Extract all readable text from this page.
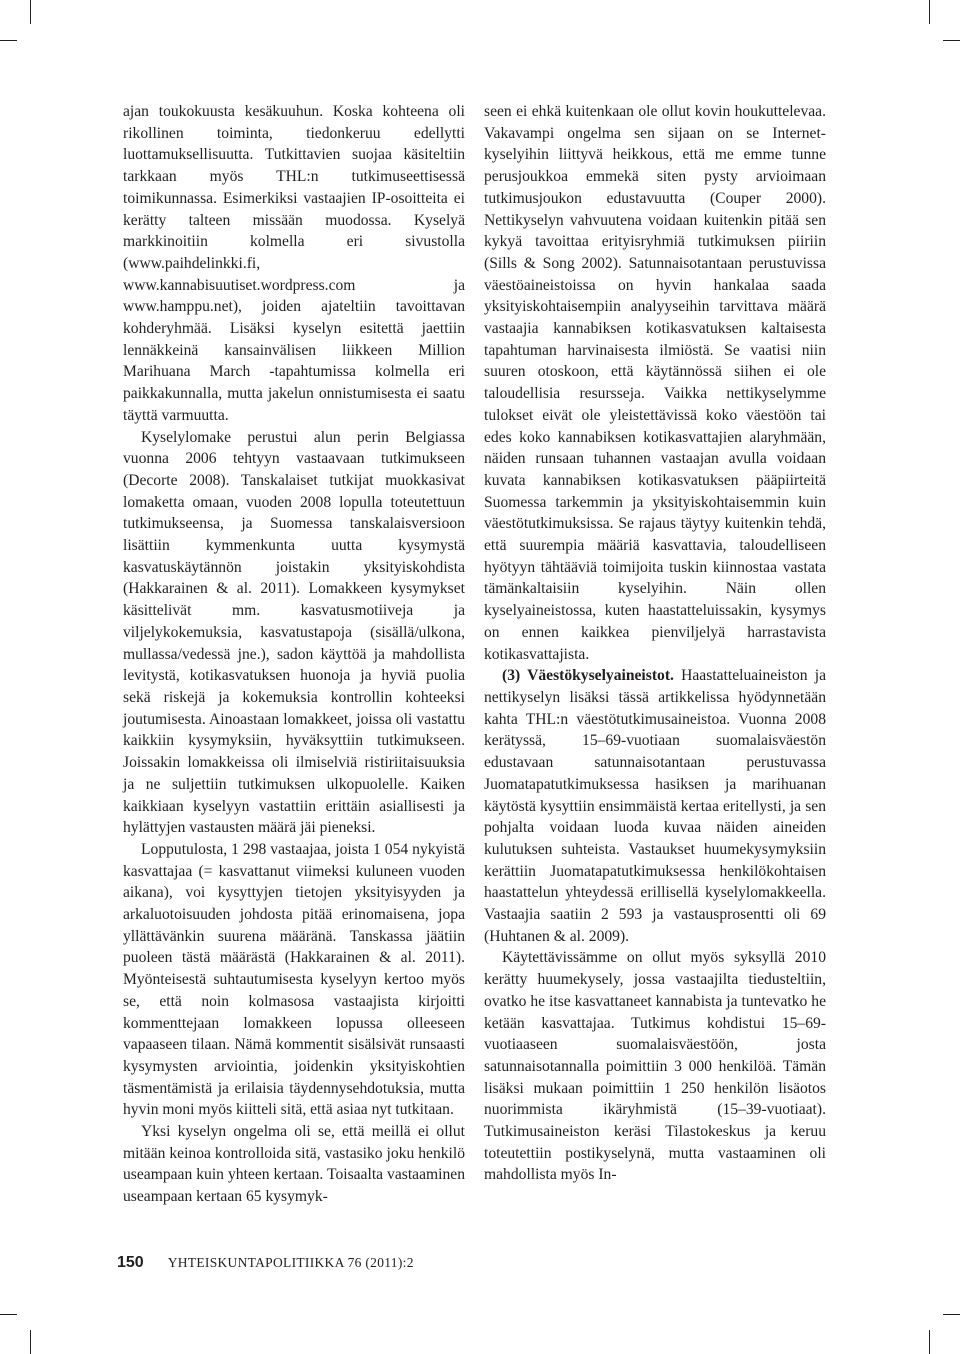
ajan toukokuusta kesäkuuhun. Koska kohteena oli rikollinen toiminta, tiedonkeruu edellytti luottamuksellisuutta. Tutkittavien suojaa käsiteltiin tarkkaan myös THL:n tutkimuseettisessä toimikunnassa. Esimerkiksi vastaajien IP-osoitteita ei kerätty talteen missään muodossa. Kyselyä markkinoitiin kolmella eri sivustolla (www.paihdelinkki.fi, www.kannabisuutiset.wordpress.com ja www.hamppu.net), joiden ajateltiin tavoittavan kohderyhmää. Lisäksi kyselyn esitettä jaettiin lennäkkeinä kansainvälisen liikkeen Million Marihuana March -tapahtumissa kolmella eri paikkakunnalla, mutta jakelun onnistumisesta ei saatu täyttä varmuutta.

Kyselylomake perustui alun perin Belgiassa vuonna 2006 tehtyyn vastaavaan tutkimukseen (Decorte 2008). Tanskalaiset tutkijat muokkasivat lomaketta omaan, vuoden 2008 lopulla toteutettuun tutkimukseensa, ja Suomessa tanskalaisversioon lisättiin kymmenkunta uutta kysymystä kasvatuskäytännön joistakin yksityiskohdista (Hakkarainen & al. 2011). Lomakkeen kysymykset käsittelivät mm. kasvatusmotiiveja ja viljelykokemuksia, kasvatustapoja (sisällä/ulkona, mullassa/vedessä jne.), sadon käyttöä ja mahdollista levitystä, kotikasvatuksen huonoja ja hyviä puolia sekä riskejä ja kokemuksia kontrollin kohteeksi joutumisesta. Ainoastaan lomakkeet, joissa oli vastattu kaikkiin kysymyksiin, hyväksyttiin tutkimukseen. Joissakin lomakkeissa oli ilmiselviä ristiriitaisuuksia ja ne suljettiin tutkimuksen ulkopuolelle. Kaiken kaikkiaan kyselyyn vastattiin erittäin asiallisesti ja hylättyjen vastausten määrä jäi pieneksi.

Lopputulosta, 1 298 vastaajaa, joista 1 054 nykyistä kasvattajaa (= kasvattanut viimeksi kuluneen vuoden aikana), voi kysyttyjen tietojen yksityisyyden ja arkaluotoisuuden johdosta pitää erinomaisena, jopa yllättävänkin suurena määränä. Tanskassa jäätiin puoleen tästä määrästä (Hakkarainen & al. 2011). Myönteisestä suhtautumisesta kyselyyn kertoo myös se, että noin kolmasosa vastaajista kirjoitti kommenttejaan lomakkeen lopussa olleeseen vapaaseen tilaan. Nämä kommentit sisälsivät runsaasti kysymysten arviointia, joidenkin yksityiskohtien täsmentämistä ja erilaisia täydennysehdotuksia, mutta hyvin moni myös kiitteli sitä, että asiaa nyt tutkitaan.

Yksi kyselyn ongelma oli se, että meillä ei ollut mitään keinoa kontrolloida sitä, vastasiko joku henkilö useampaan kuin yhteen kertaan. Toisaalta vastaaminen useampaan kertaan 65 kysymyk-

seen ei ehkä kuitenkaan ole ollut kovin houkuttelevaa. Vakavampi ongelma sen sijaan on se Internet-kyselyihin liittyvä heikkous, että me emme tunne perusjoukkoa emmekä siten pysty arvioimaan tutkimusjoukon edustavuutta (Couper 2000). Nettikyselyn vahvuutena voidaan kuitenkin pitää sen kykyä tavoittaa erityisryhmiä tutkimuksen piiriin (Sills & Song 2002). Satunnaisotantaan perustuvissa väestöaineistoissa on hyvin hankalaa saada yksityiskohtaisempiin analyyseihin tarvittava määrä vastaajia kannabiksen kotikasvatuksen kaltaisesta tapahtuman harvinaisesta ilmiöstä. Se vaatisi niin suuren otoskoon, että käytännössä siihen ei ole taloudellisia resursseja. Vaikka nettikyselymme tulokset eivät ole yleistettävissä koko väestöön tai edes koko kannabiksen kotikasvattajien alaryhmään, näiden runsaan tuhannen vastaajan avulla voidaan kuvata kannabiksen kotikasvatuksen pääpiirteitä Suomessa tarkemmin ja yksityiskohtaisemmin kuin väestötutkimuksissa. Se rajaus täytyy kuitenkin tehdä, että suurempia määriä kasvattavia, taloudelliseen hyötyyn tähtääviä toimijoita tuskin kiinnostaa vastata tämänkaltaisiin kyselyihin. Näin ollen kyselyaineistossa, kuten haastatteluissakin, kysymys on ennen kaikkea pienviljelyä harrastavista kotikasvattajista.

(3) Väestökyselyaineistot. Haastatteluaineiston ja nettikyselyn lisäksi tässä artikkelissa hyödynnetään kahta THL:n väestötutkimusaineistoa. Vuonna 2008 kerätyssä, 15–69-vuotiaan suomalaisväestön edustavaan satunnaisotantaan perustuvassa Juomatapatutkimuksessa hasiksen ja marihuanan käytöstä kysyttiin ensimmäistä kertaa eritellysti, ja sen pohjalta voidaan luoda kuvaa näiden aineiden kulutuksen suhteista. Vastaukset huumekysymyksiin kerättiin Juomatapatutkimuksessa henkilökohtaisen haastattelun yhteydessä erillisellä kyselylomakkeella. Vastaajia saatiin 2 593 ja vastausprosentti oli 69 (Huhtanen & al. 2009).

Käytettävissämme on ollut myös syksyllä 2010 kerätty huumekysely, jossa vastaajilta tiedusteltiin, ovatko he itse kasvattaneet kannabista ja tuntevatko he ketään kasvattajaa. Tutkimus kohdistui 15–69-vuotiaaseen suomalaisväestöön, josta satunnaisotannalla poimittiin 3 000 henkilöä. Tämän lisäksi mukaan poimittiin 1 250 henkilön lisäotos nuorimmista ikäryhmistä (15–39-vuotiaat). Tutkimusaineiston keräsi Tilastokeskus ja keruu toteutettiin postikyselynä, mutta vastaaminen oli mahdollista myös In-

150 YHTEISKUNTAPOLITIIKKA 76 (2011):2
